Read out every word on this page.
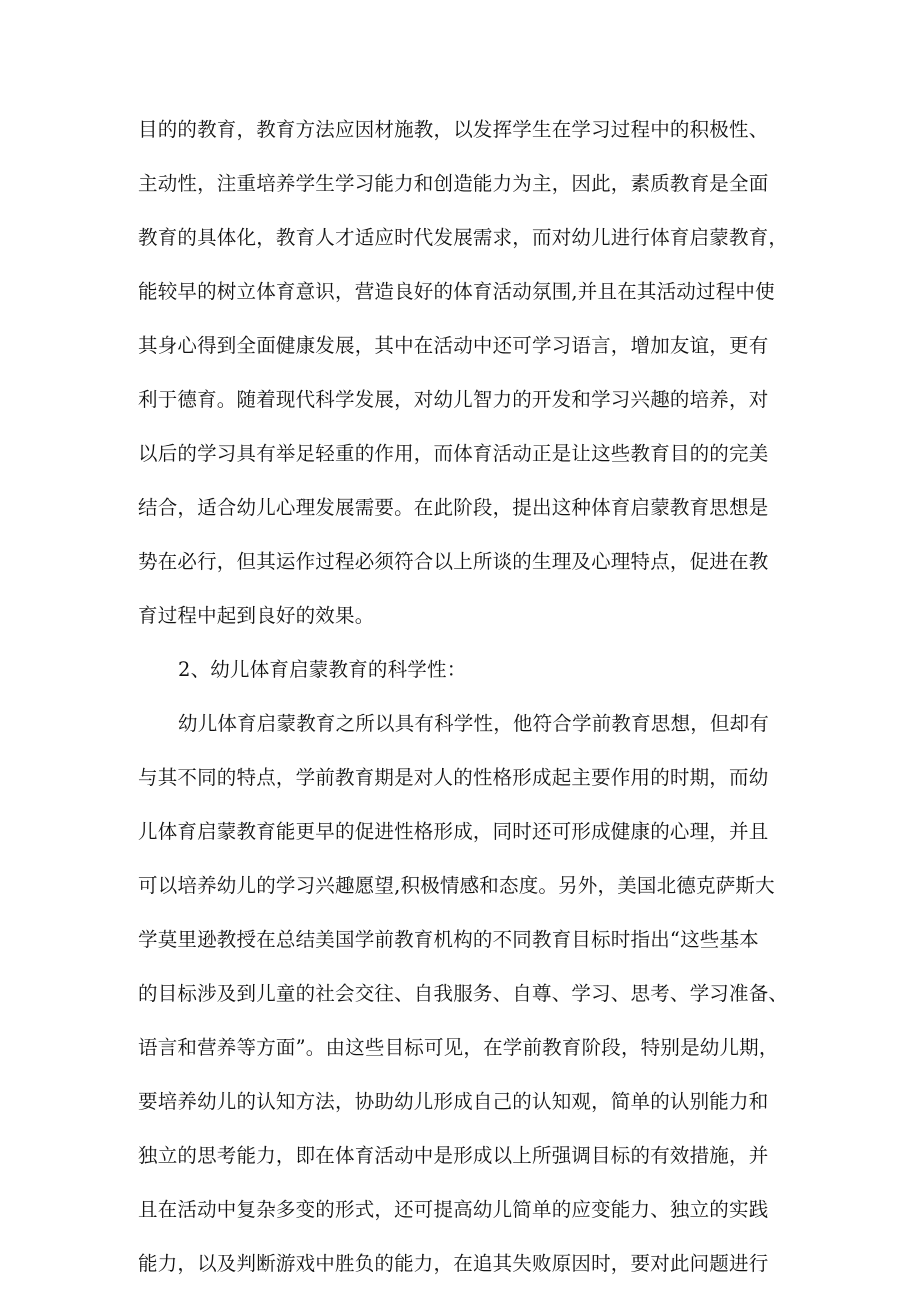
目的的教育，教育方法应因材施教，以发挥学生在学习过程中的积极性、
主动性，注重培养学生学习能力和创造能力为主，因此，素质教育是全面
教育的具体化，教育人才适应时代发展需求，而对幼儿进行体育启蒙教育，
能较早的树立体育意识，营造良好的体育活动氛围,并且在其活动过程中使
其身心得到全面健康发展，其中在活动中还可学习语言，增加友谊，更有
利于德育。随着现代科学发展，对幼儿智力的开发和学习兴趣的培养，对
以后的学习具有举足轻重的作用，而体育活动正是让这些教育目的的完美
结合，适合幼儿心理发展需要。在此阶段，提出这种体育启蒙教育思想是
势在必行，但其运作过程必须符合以上所谈的生理及心理特点，促进在教
育过程中起到良好的效果。
2、幼儿体育启蒙教育的科学性：
幼儿体育启蒙教育之所以具有科学性，他符合学前教育思想，但却有
与其不同的特点，学前教育期是对人的性格形成起主要作用的时期，而幼
儿体育启蒙教育能更早的促进性格形成，同时还可形成健康的心理，并且
可以培养幼儿的学习兴趣愿望,积极情感和态度。另外，美国北德克萨斯大
学莫里逊教授在总结美国学前教育机构的不同教育目标时指出“这些基本
的目标涉及到儿童的社会交往、自我服务、自尊、学习、思考、学习准备、
语言和营养等方面”。由这些目标可见，在学前教育阶段，特别是幼儿期，
要培养幼儿的认知方法，协助幼儿形成自己的认知观，简单的认别能力和
独立的思考能力，即在体育活动中是形成以上所强调目标的有效措施，并
且在活动中复杂多变的形式，还可提高幼儿简单的应变能力、独立的实践
能力，以及判断游戏中胜负的能力，在追其失败原因时，要对此问题进行
